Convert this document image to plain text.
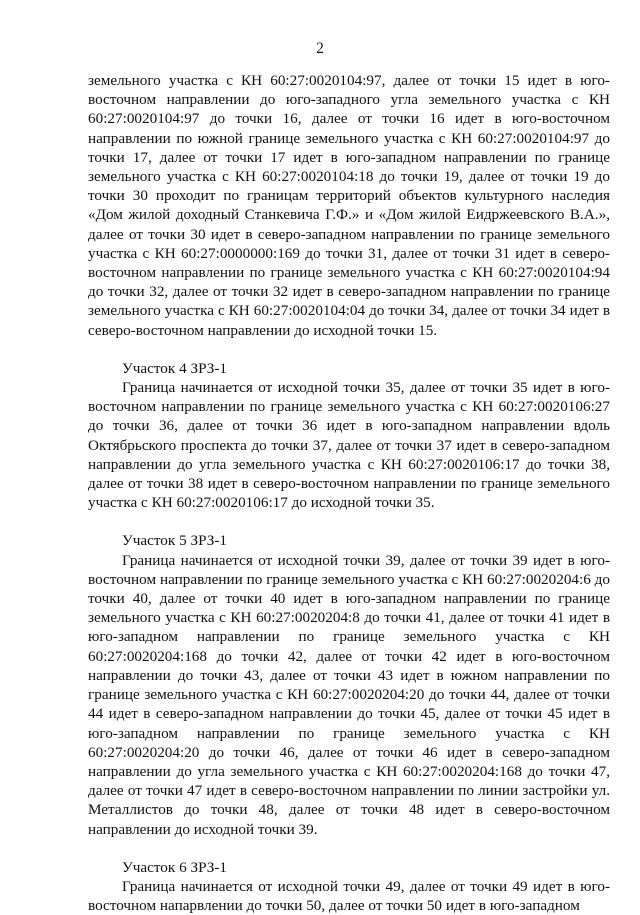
2

земельного участка с КН 60:27:0020104:97, далее от точки 15 идет в юго-восточном направлении до юго-западного угла земельного участка с КН 60:27:0020104:97 до точки 16, далее от точки 16 идет в юго-восточном направлении по южной границе земельного участка с КН 60:27:0020104:97 до точки 17, далее от точки 17 идет в юго-западном направлении по границе земельного участка с КН 60:27:0020104:18 до точки 19, далее от точки 19 до точки 30 проходит по границам территорий объектов культурного наследия «Дом жилой доходный Станкевича Г.Ф.» и «Дом жилой Еидржеевского В.А.», далее от точки 30 идет в северо-западном направлении по границе земельного участка с КН 60:27:0000000:169 до точки 31, далее от точки 31 идет в северо-восточном направлении по границе земельного участка с КН 60:27:0020104:94 до точки 32, далее от точки 32 идет в северо-западном направлении по границе земельного участка с КН 60:27:0020104:04 до точки 34, далее от точки 34 идет в северо-восточном направлении до исходной точки 15.

Участок 4 ЗРЗ-1

Граница начинается от исходной точки 35, далее от точки 35 идет в юго-восточном направлении по границе земельного участка с КН 60:27:0020106:27 до точки 36, далее от точки 36 идет в юго-западном направлении вдоль Октябрьского проспекта до точки 37, далее от точки 37 идет в северо-западном направлении до угла земельного участка с КН 60:27:0020106:17 до точки 38, далее от точки 38 идет в северо-восточном направлении по границе земельного участка с КН 60:27:0020106:17 до исходной точки 35.

Участок 5 ЗРЗ-1

Граница начинается от исходной точки 39, далее от точки 39 идет в юго-восточном направлении по границе земельного участка с КН 60:27:0020204:6 до точки 40, далее от точки 40 идет в юго-западном направлении по границе земельного участка с КН 60:27:0020204:8 до точки 41, далее от точки 41 идет в юго-западном направлении по границе земельного участка с КН 60:27:0020204:168 до точки 42, далее от точки 42 идет в юго-восточном направлении до точки 43, далее от точки 43 идет в южном направлении по границе земельного участка с КН 60:27:0020204:20 до точки 44, далее от точки 44 идет в северо-западном направлении до точки 45, далее от точки 45 идет в юго-западном направлении по границе земельного участка с КН 60:27:0020204:20 до точки 46, далее от точки 46 идет в северо-западном направлении до угла земельного участка с КН 60:27:0020204:168 до точки 47, далее от точки 47 идет в северо-восточном направлении по линии застройки ул. Металлистов до точки 48, далее от точки 48 идет в северо-восточном направлении до исходной точки 39.

Участок 6 ЗРЗ-1

Граница начинается от исходной точки 49, далее от точки 49 идет в юго-восточном напарвлении до точки 50, далее от точки 50 идет в юго-западном
